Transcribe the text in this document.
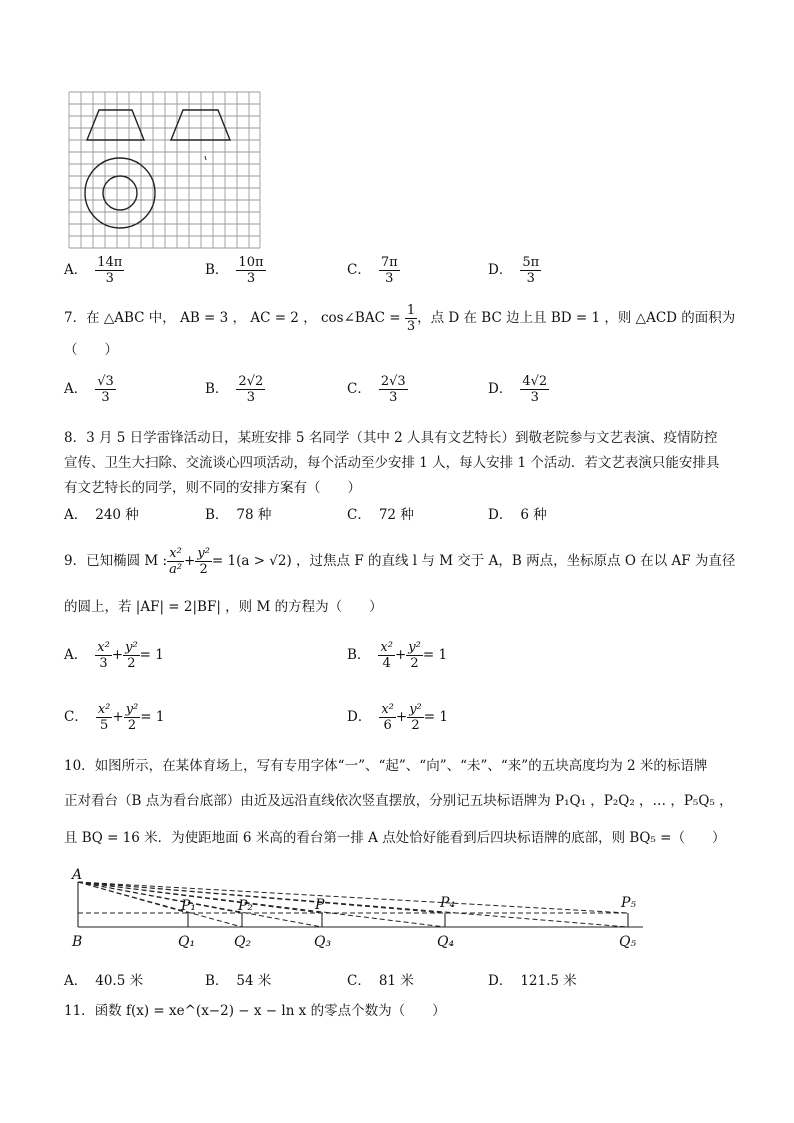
A． $\frac{14\pi}{3}$	B． $\frac{10\pi}{3}$	C． $\frac{7\pi}{3}$	D． $\frac{5\pi}{3}$
7．在 △ABC 中， AB = 3 ， AC = 2 ， cos∠BAC = $\frac{1}{3}$ ，点 D 在 BC 边上且 BD = 1 ，则 △ACD 的面积为
（　　）
A． $\frac{√3}{3}$	B． $\frac{2√2}{3}$	C． $\frac{2√3}{3}$	D． $\frac{4√2}{3}$
8．3 月 5 日学雷锋活动日，某班安排 5 名同学（其中 2 人具有文艺特长）到敬老院参与文艺表演、疫情防控
宣传、卫生大扫除、交流谈心四项活动，每个活动至少安排 1 人，每人安排 1 个活动．若文艺表演只能安排具
有文艺特长的同学，则不同的安排方案有（　　）
A． 240 种	B． 78 种	C． 72 种	D． 6 种
9．已知椭圆 M : $\frac{\text{x²}}{\text{a²}} + \frac{\text{y²}}{2} = 1(a > √2)$ ，过焦点 F 的直线 l 与 M 交于 A，B 两点，坐标原点 O 在以 AF 为直径
的圆上，若 |AF| = 2|BF| ，则 M 的方程为（　　）
A． $\frac{\text{x²}}{3} + \frac{\text{y²}}{2} = 1$	B． $\frac{\text{x²}}{4} + \frac{\text{y²}}{2} = 1$
C． $\frac{\text{x²}}{5} + \frac{\text{y²}}{2} = 1$	D． $\frac{\text{x²}}{6} + \frac{\text{y²}}{2} = 1$
10．如图所示，在某体育场上，写有专用字体“一”、“起”、“向”、“未”、“来”的五块高度均为 2 米的标语牌
正对看台（B 点为看台底部）由近及远沿直线依次竖直摆放，分别记五块标语牌为 P₁Q₁ ，P₂Q₂ ，… ，P₅Q₅ ，
且 BQ = 16 米．为使距地面 6 米高的看台第一排 A 点处恰好能看到后四块标语牌的底部，则 BQ₅ =（　　）
A
B
P₁	P₂	P	P₄	P₅
Q₁	Q₂	Q₃	Q₄	Q₅
A． 40.5 米	B． 54 米	C． 81 米	D． 121.5 米
11．函数 f(x) = xe^(x−2) − x − ln x 的零点个数为（　　）
